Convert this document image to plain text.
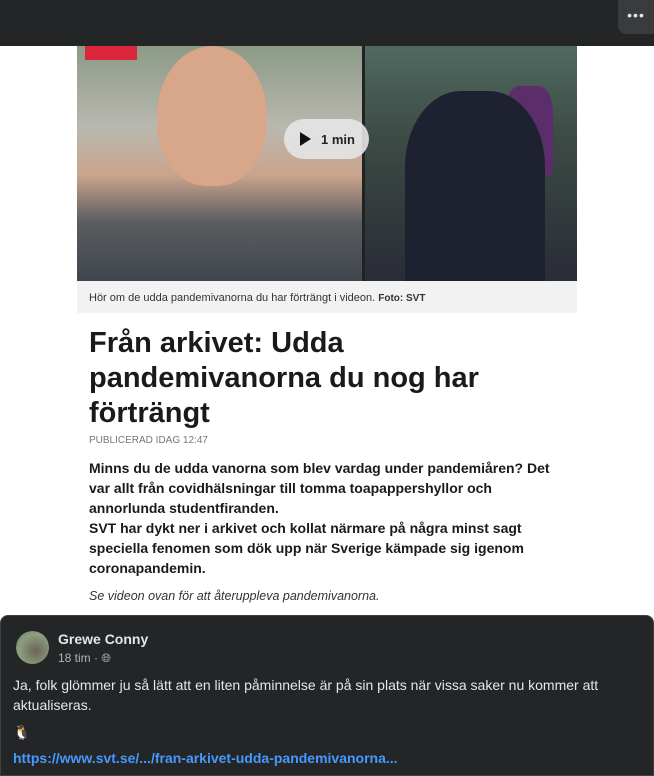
•••
1 min
Hör om de udda pandemivanorna du har förträngt i videon. Foto: SVT
Från arkivet: Udda pandemivanorna du nog har förträngt
PUBLICERAD IDAG 12:47
Minns du de udda vanorna som blev vardag under pandemiåren? Det var allt från covidhälsningar till tomma toapappershyllor och annorlunda studentfiranden.
SVT har dykt ner i arkivet och kollat närmare på några minst sagt speciella fenomen som dök upp när Sverige kämpade sig igenom coronapandemin.
Se videon ovan för att återuppleva pandemivanorna.
Grewe Conny
18 tim · 🌐︎
Ja, folk glömmer ju så lätt att en liten påminnelse är på sin plats när vissa saker nu kommer att aktualiseras.
🐧
https://www.svt.se/.../fran-arkivet-udda-pandemivanorna...
